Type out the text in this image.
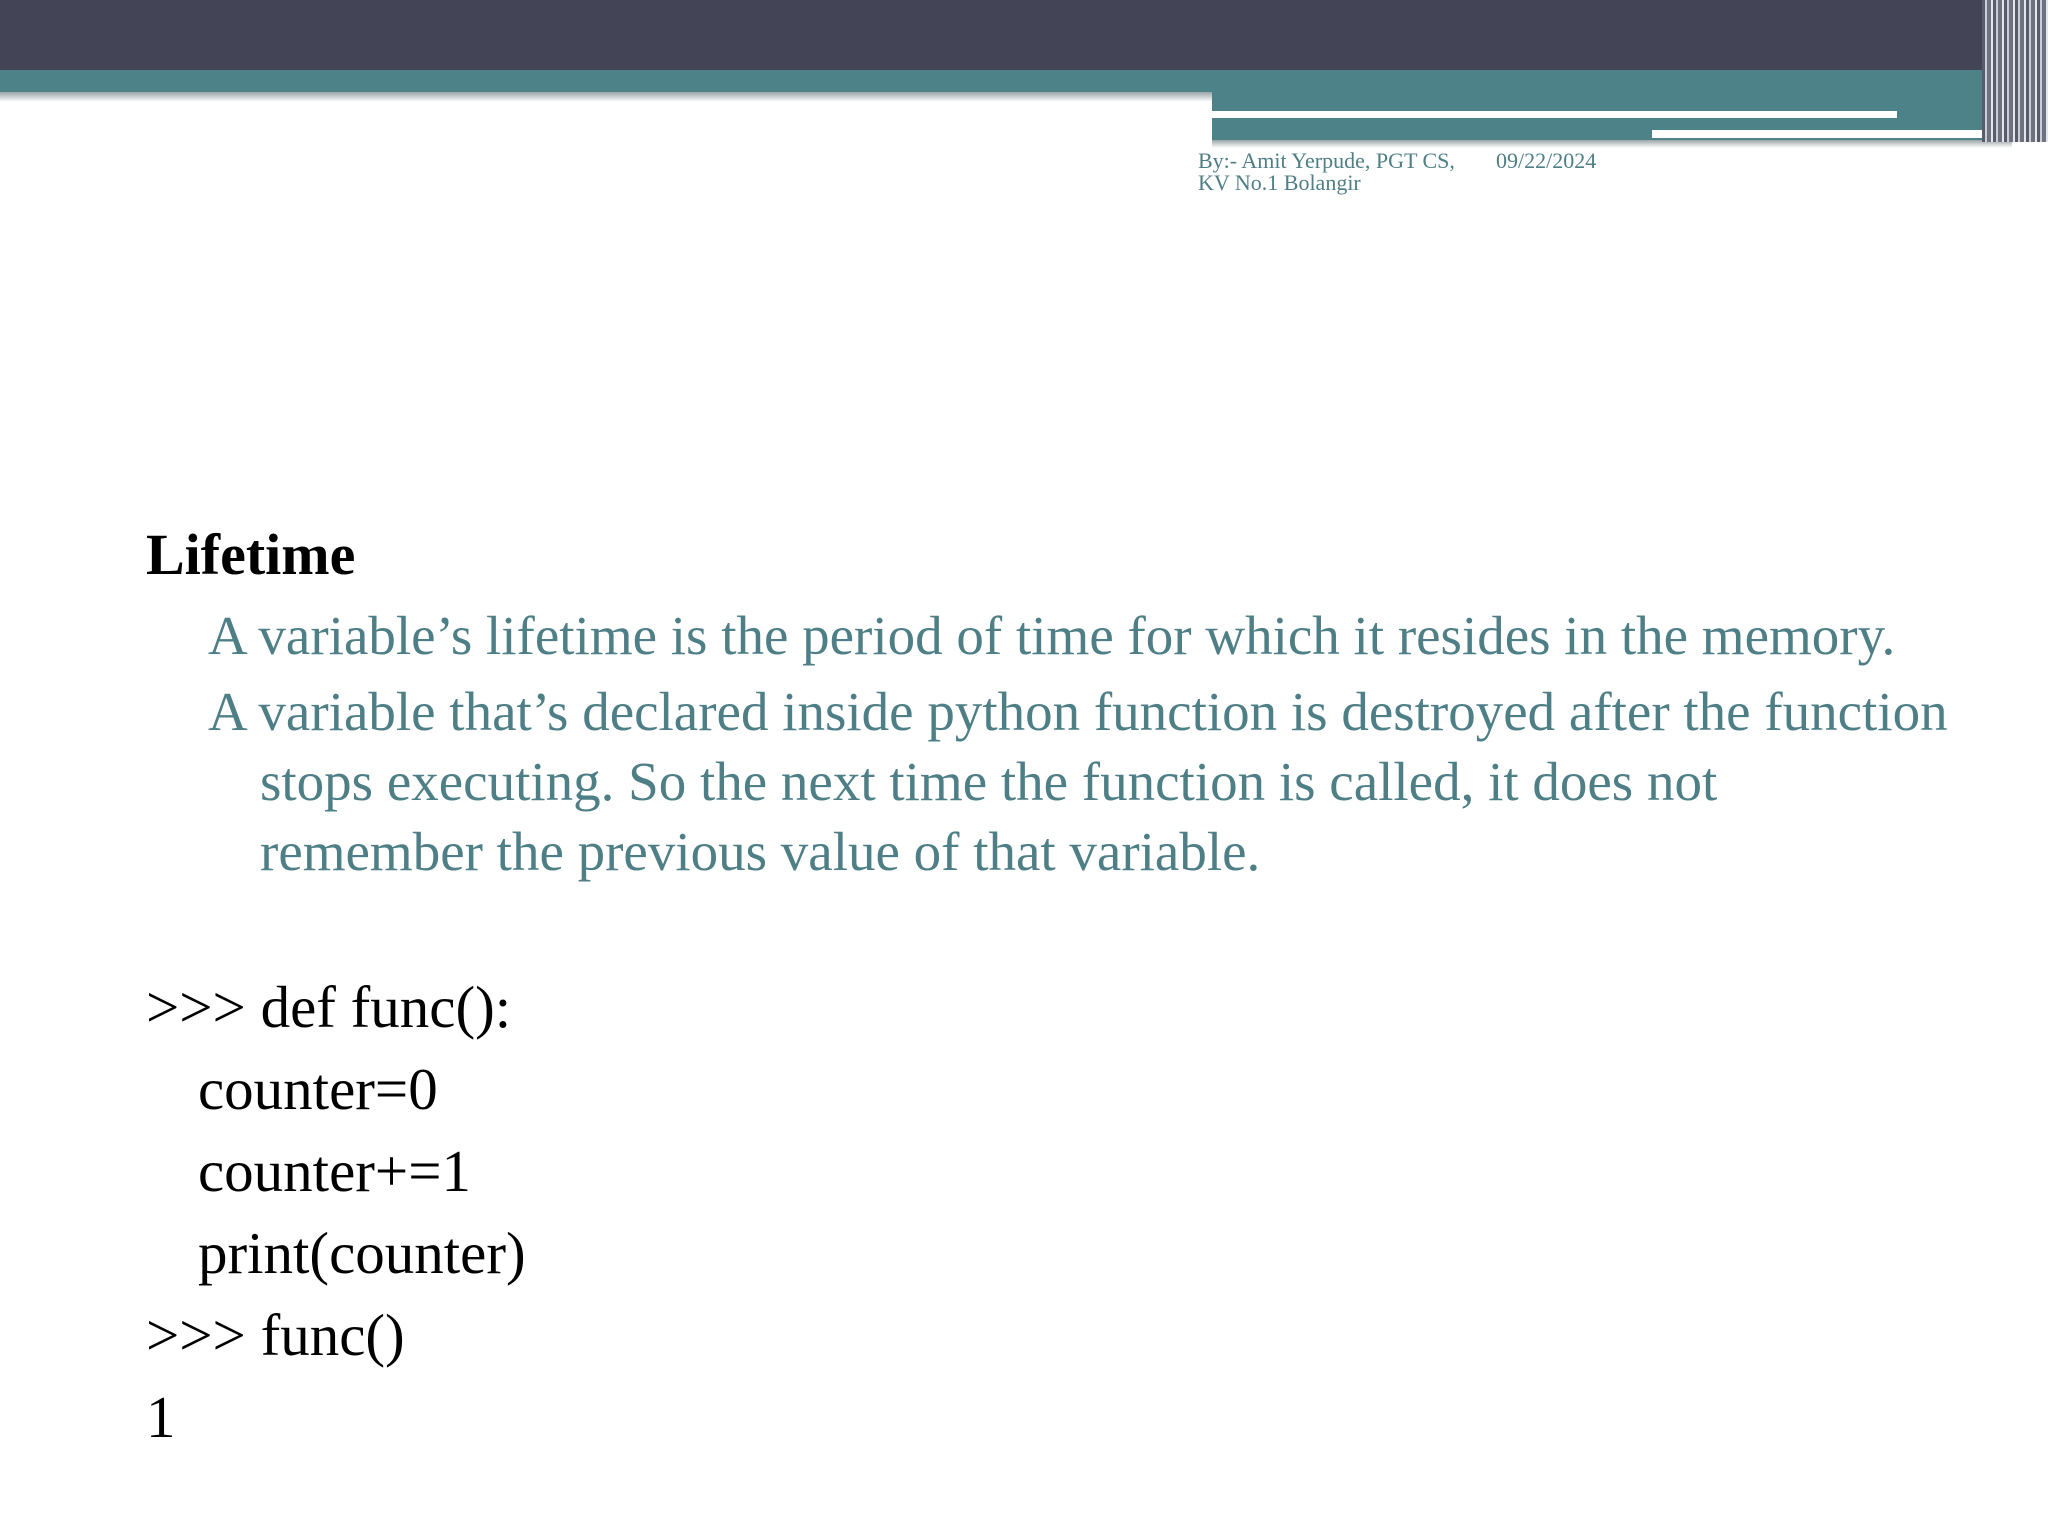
By:- Amit Yerpude, PGT CS, KV No.1 Bolangir
09/22/2024
Lifetime
A variable’s lifetime is the period of time for which it resides in the memory.
A variable that’s declared inside python function is destroyed after the function stops executing. So the next time the function is called, it does not remember the previous value of that variable.
>>> def func():
counter=0
counter+=1
print(counter)
>>> func()
1
